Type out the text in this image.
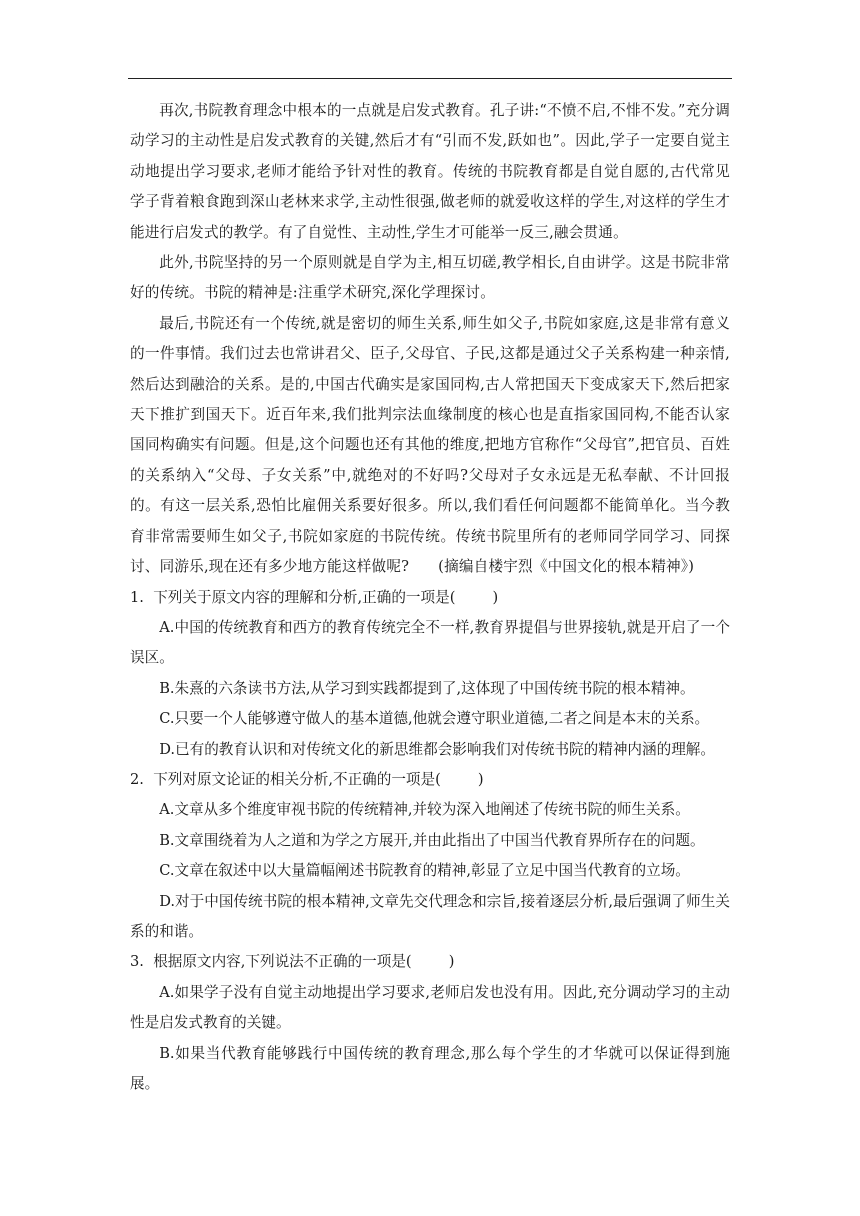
再次,书院教育理念中根本的一点就是启发式教育。孔子讲:“不愤不启,不悱不发。”充分调动学习的主动性是启发式教育的关键,然后才有“引而不发,跃如也”。因此,学子一定要自觉主动地提出学习要求,老师才能给予针对性的教育。传统的书院教育都是自觉自愿的,古代常见学子背着粮食跑到深山老林来求学,主动性很强,做老师的就爱收这样的学生,对这样的学生才能进行启发式的教学。有了自觉性、主动性,学生才可能举一反三,融会贯通。

此外,书院坚持的另一个原则就是自学为主,相互切磋,教学相长,自由讲学。这是书院非常好的传统。书院的精神是:注重学术研究,深化学理探讨。

最后,书院还有一个传统,就是密切的师生关系,师生如父子,书院如家庭,这是非常有意义的一件事情。我们过去也常讲君父、臣子,父母官、子民,这都是通过父子关系构建一种亲情,然后达到融洽的关系。是的,中国古代确实是家国同构,古人常把国天下变成家天下,然后把家天下推扩到国天下。近百年来,我们批判宗法血缘制度的核心也是直指家国同构,不能否认家国同构确实有问题。但是,这个问题也还有其他的维度,把地方官称作“父母官”,把官员、百姓的关系纳入“父母、子女关系”中,就绝对的不好吗?父母对子女永远是无私奉献、不计回报的。有这一层关系,恐怕比雇佣关系要好很多。所以,我们看任何问题都不能简单化。当今教育非常需要师生如父子,书院如家庭的书院传统。传统书院里所有的老师同学同学习、同探讨、同游乐,现在还有多少地方能这样做呢?      (摘编自楼宇烈《中国文化的根本精神》)

1.  下列关于原文内容的理解和分析,正确的一项是(        )

A.中国的传统教育和西方的教育传统完全不一样,教育界提倡与世界接轨,就是开启了一个误区。

B.朱熹的六条读书方法,从学习到实践都提到了,这体现了中国传统书院的根本精神。

C.只要一个人能够遵守做人的基本道德,他就会遵守职业道德,二者之间是本末的关系。

D.已有的教育认识和对传统文化的新思维都会影响我们对传统书院的精神内涵的理解。

2.  下列对原文论证的相关分析,不正确的一项是(        )

A.文章从多个维度审视书院的传统精神,并较为深入地阐述了传统书院的师生关系。

B.文章围绕着为人之道和为学之方展开,并由此指出了中国当代教育界所存在的问题。

C.文章在叙述中以大量篇幅阐述书院教育的精神,彰显了立足中国当代教育的立场。

D.对于中国传统书院的根本精神,文章先交代理念和宗旨,接着逐层分析,最后强调了师生关系的和谐。

3.  根据原文内容,下列说法不正确的一项是(        )

A.如果学子没有自觉主动地提出学习要求,老师启发也没有用。因此,充分调动学习的主动性是启发式教育的关键。

B.如果当代教育能够践行中国传统的教育理念,那么每个学生的才华就可以保证得到施展。
